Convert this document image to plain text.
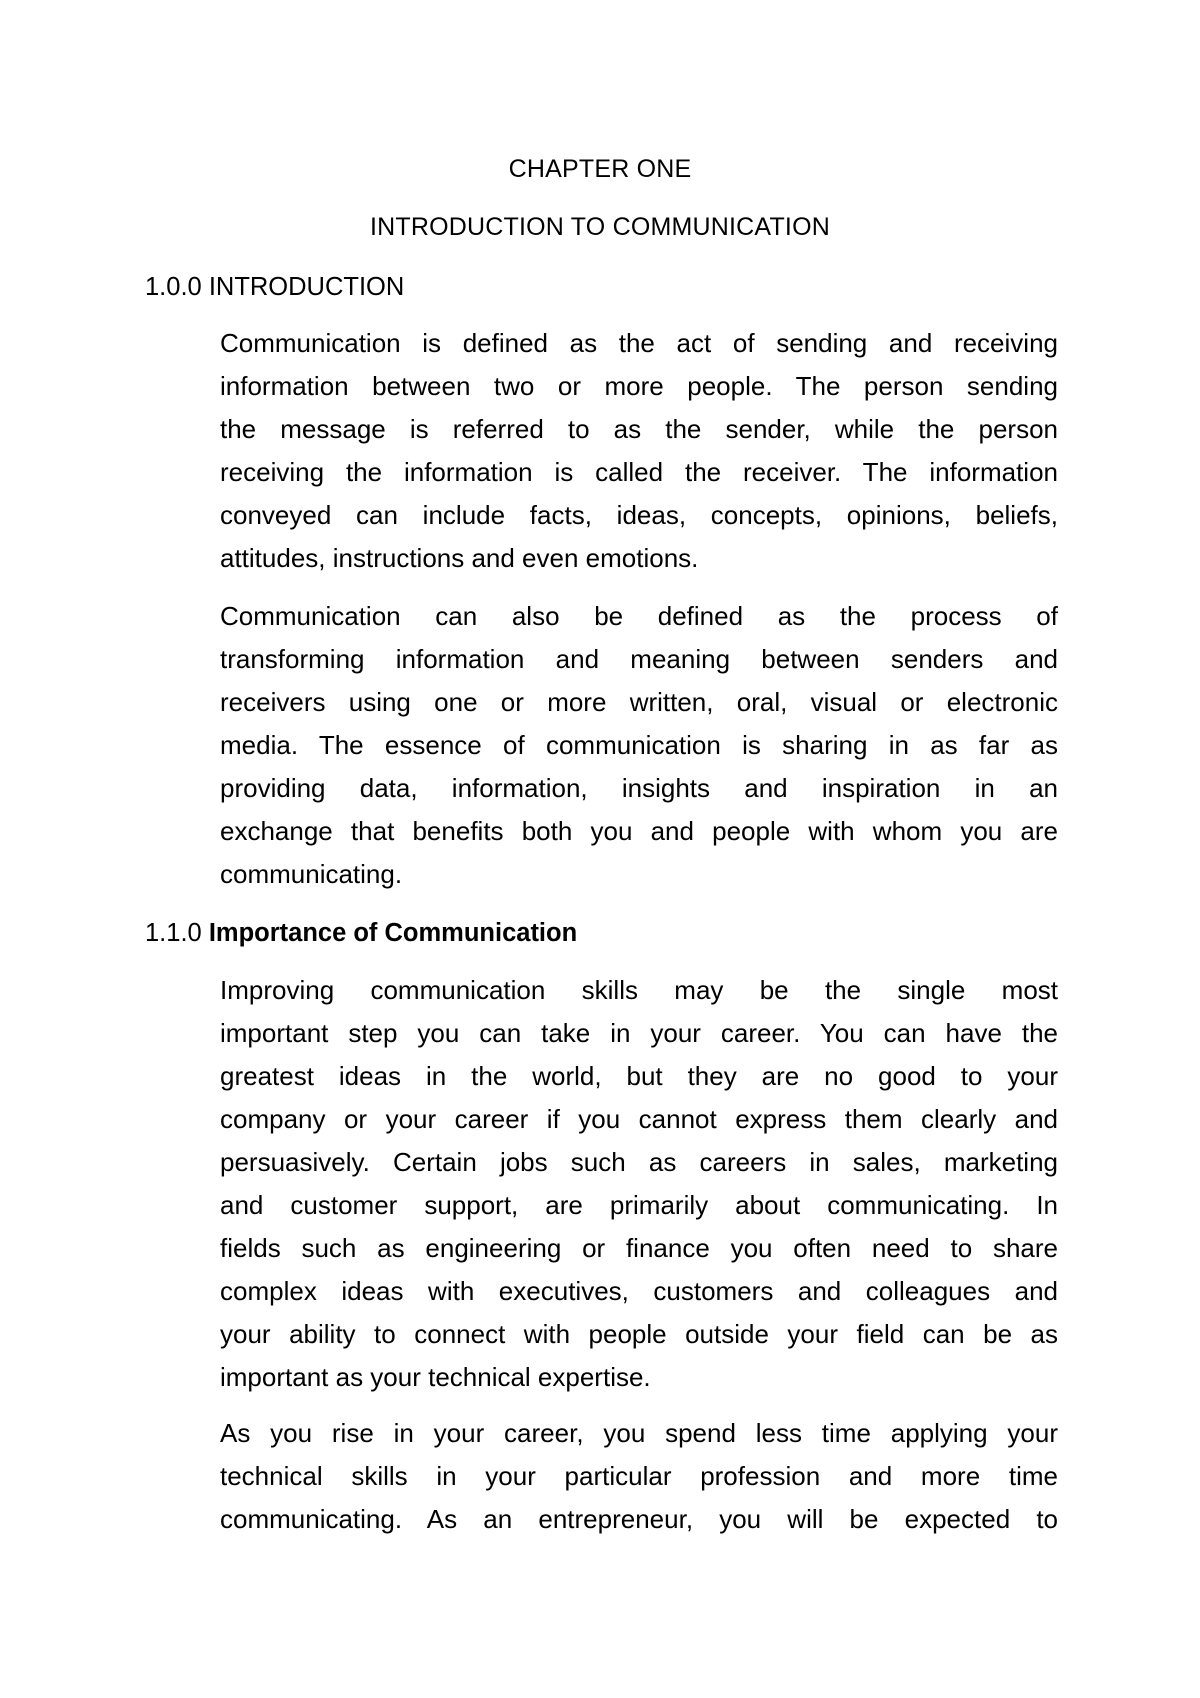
CHAPTER ONE
INTRODUCTION TO COMMUNICATION
1.0.0 INTRODUCTION
Communication is defined as the act of sending and receiving
information between two or more people. The person sending
the message is referred to as the sender, while the person
receiving the information is called the receiver. The information
conveyed can include facts, ideas, concepts, opinions, beliefs,
attitudes, instructions and even emotions.
Communication can also be defined as the process of
transforming information and meaning between senders and
receivers using one or more written, oral, visual or electronic
media. The essence of communication is sharing in as far as
providing data, information, insights and inspiration in an
exchange that benefits both you and people with whom you are
communicating.
1.1.0 Importance of Communication
Improving communication skills may be the single most
important step you can take in your career. You can have the
greatest ideas in the world, but they are no good to your
company or your career if you cannot express them clearly and
persuasively. Certain jobs such as careers in sales, marketing
and customer support, are primarily about communicating. In
fields such as engineering or finance you often need to share
complex ideas with executives, customers and colleagues and
your ability to connect with people outside your field can be as
important as your technical expertise.
As you rise in your career, you spend less time applying your
technical skills in your particular profession and more time
communicating. As an entrepreneur, you will be expected to
